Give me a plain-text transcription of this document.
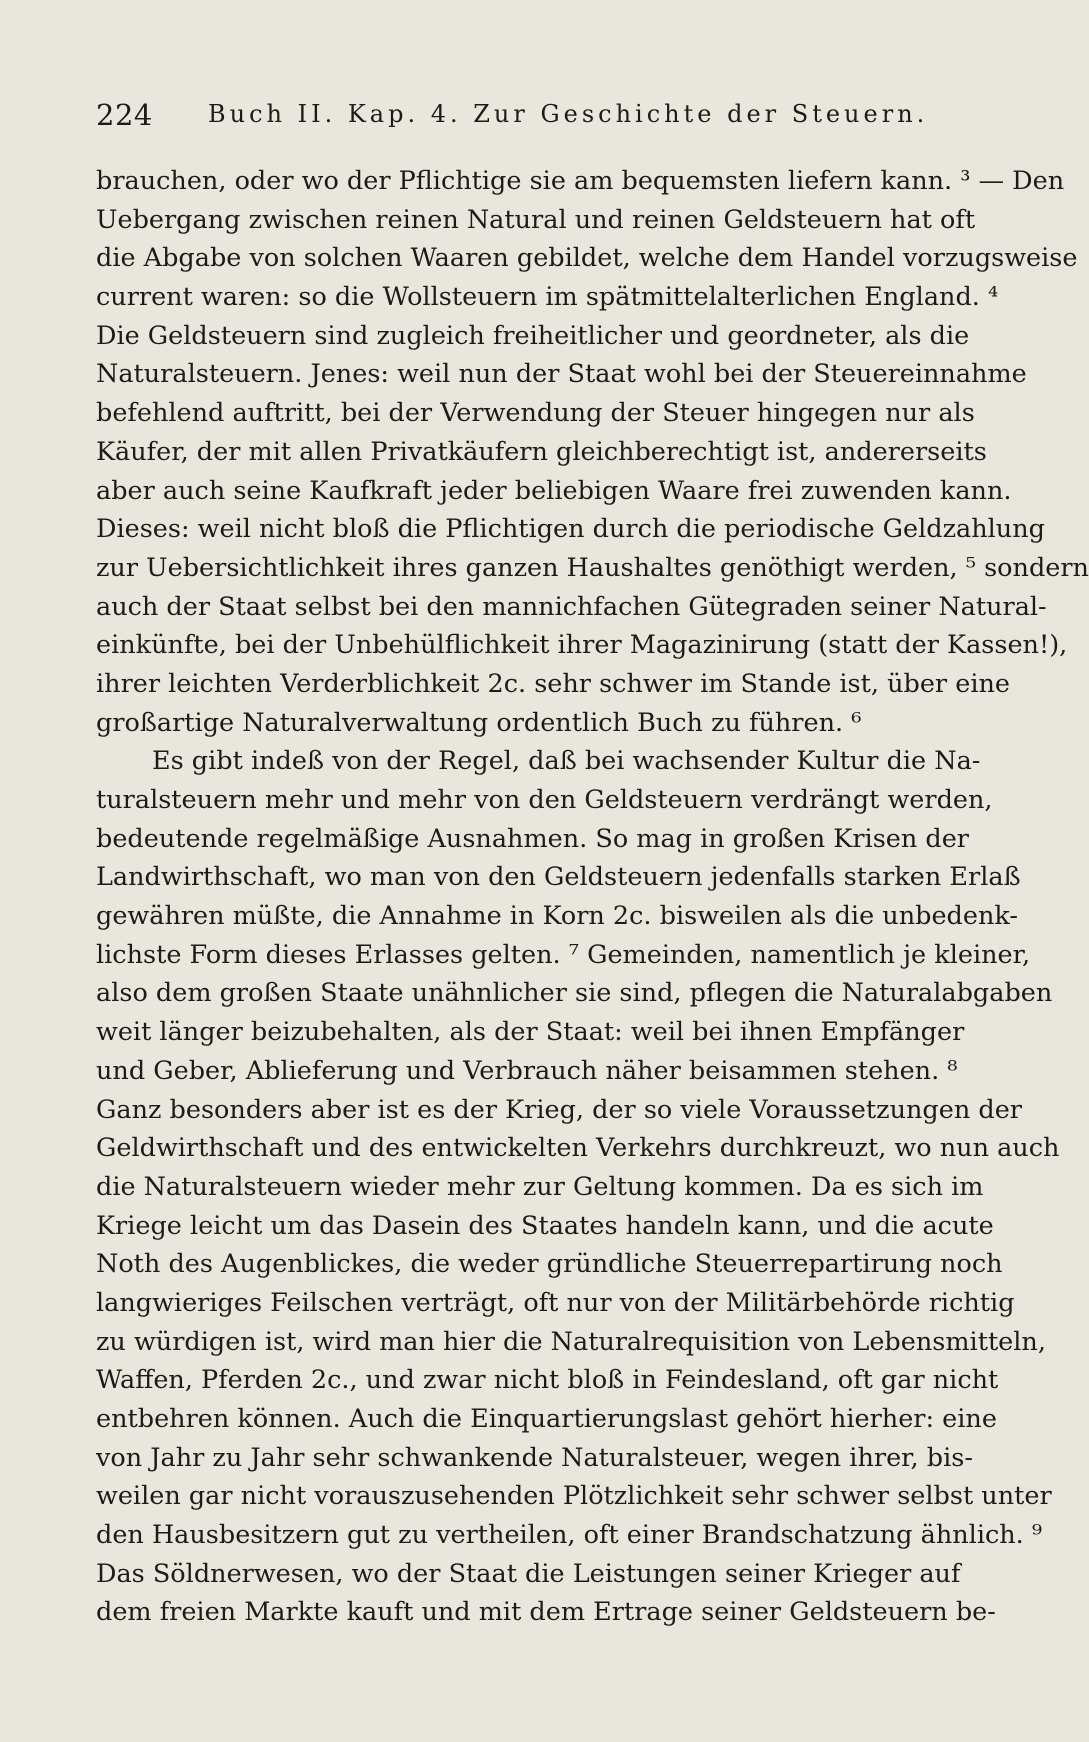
224 Buch II. Kap. 4. Zur Geschichte der Steuern.
brauchen, oder wo der Pflichtige sie am bequemsten liefern kann. ³ — Den
Uebergang zwischen reinen Natural und reinen Geldsteuern hat oft
die Abgabe von solchen Waaren gebildet, welche dem Handel vorzugsweise
current waren: so die Wollsteuern im spätmittelalterlichen England. ⁴
Die Geldsteuern sind zugleich freiheitlicher und geordneter, als die
Naturalsteuern. Jenes: weil nun der Staat wohl bei der Steuereinnahme
befehlend auftritt, bei der Verwendung der Steuer hingegen nur als
Käufer, der mit allen Privatkäufern gleichberechtigt ist, andererseits
aber auch seine Kaufkraft jeder beliebigen Waare frei zuwenden kann.
Dieses: weil nicht bloß die Pflichtigen durch die periodische Geldzahlung
zur Uebersichtlichkeit ihres ganzen Haushaltes genöthigt werden, ⁵ sondern
auch der Staat selbst bei den mannichfachen Gütegraden seiner Natural-
einkünfte, bei der Unbehülflichkeit ihrer Magazinirung (statt der Kassen!),
ihrer leichten Verderblichkeit 2c. sehr schwer im Stande ist, über eine
großartige Naturalverwaltung ordentlich Buch zu führen. ⁶
Es gibt indeß von der Regel, daß bei wachsender Kultur die Na-
turalsteuern mehr und mehr von den Geldsteuern verdrängt werden,
bedeutende regelmäßige Ausnahmen. So mag in großen Krisen der
Landwirthschaft, wo man von den Geldsteuern jedenfalls starken Erlaß
gewähren müßte, die Annahme in Korn 2c. bisweilen als die unbedenk-
lichste Form dieses Erlasses gelten. ⁷ Gemeinden, namentlich je kleiner,
also dem großen Staate unähnlicher sie sind, pflegen die Naturalabgaben
weit länger beizubehalten, als der Staat: weil bei ihnen Empfänger
und Geber, Ablieferung und Verbrauch näher beisammen stehen. ⁸
Ganz besonders aber ist es der Krieg, der so viele Voraussetzungen der
Geldwirthschaft und des entwickelten Verkehrs durchkreuzt, wo nun auch
die Naturalsteuern wieder mehr zur Geltung kommen. Da es sich im
Kriege leicht um das Dasein des Staates handeln kann, und die acute
Noth des Augenblickes, die weder gründliche Steuerrepartirung noch
langwieriges Feilschen verträgt, oft nur von der Militärbehörde richtig
zu würdigen ist, wird man hier die Naturalrequisition von Lebensmitteln,
Waffen, Pferden 2c., und zwar nicht bloß in Feindesland, oft gar nicht
entbehren können. Auch die Einquartierungslast gehört hierher: eine
von Jahr zu Jahr sehr schwankende Naturalsteuer, wegen ihrer, bis-
weilen gar nicht vorauszusehenden Plötzlichkeit sehr schwer selbst unter
den Hausbesitzern gut zu vertheilen, oft einer Brandschatzung ähnlich. ⁹
Das Söldnerwesen, wo der Staat die Leistungen seiner Krieger auf
dem freien Markte kauft und mit dem Ertrage seiner Geldsteuern be-
